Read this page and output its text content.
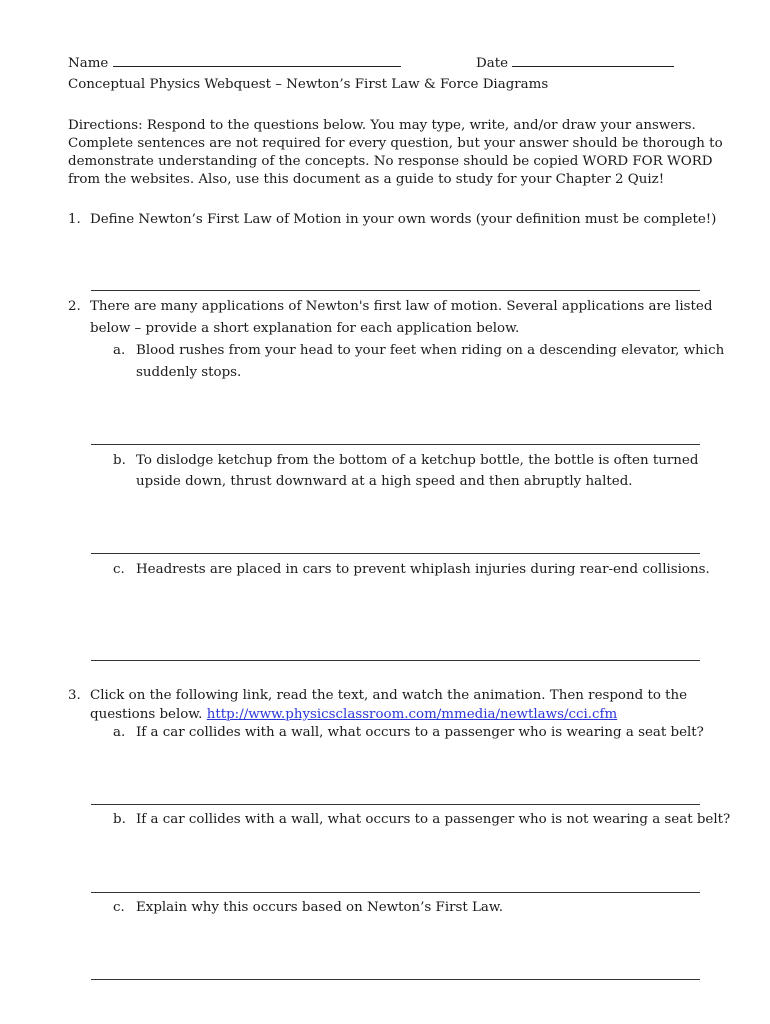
Name	Date
Conceptual Physics Webquest – Newton’s First Law & Force Diagrams
Directions: Respond to the questions below. You may type, write, and/or draw your answers.
Complete sentences are not required for every question, but your answer should be thorough to
demonstrate understanding of the concepts. No response should be copied WORD FOR WORD
from the websites. Also, use this document as a guide to study for your Chapter 2 Quiz!
1. Define Newton’s First Law of Motion in your own words (your definition must be complete!)
2. There are many applications of Newton's first law of motion. Several applications are listed
below – provide a short explanation for each application below.
a. Blood rushes from your head to your feet when riding on a descending elevator, which
suddenly stops.
b. To dislodge ketchup from the bottom of a ketchup bottle, the bottle is often turned
upside down, thrust downward at a high speed and then abruptly halted.
c. Headrests are placed in cars to prevent whiplash injuries during rear-end collisions.
3. Click on the following link, read the text, and watch the animation. Then respond to the
questions below. http://www.physicsclassroom.com/mmedia/newtlaws/cci.cfm
a. If a car collides with a wall, what occurs to a passenger who is wearing a seat belt?
b. If a car collides with a wall, what occurs to a passenger who is not wearing a seat belt?
c. Explain why this occurs based on Newton’s First Law.
